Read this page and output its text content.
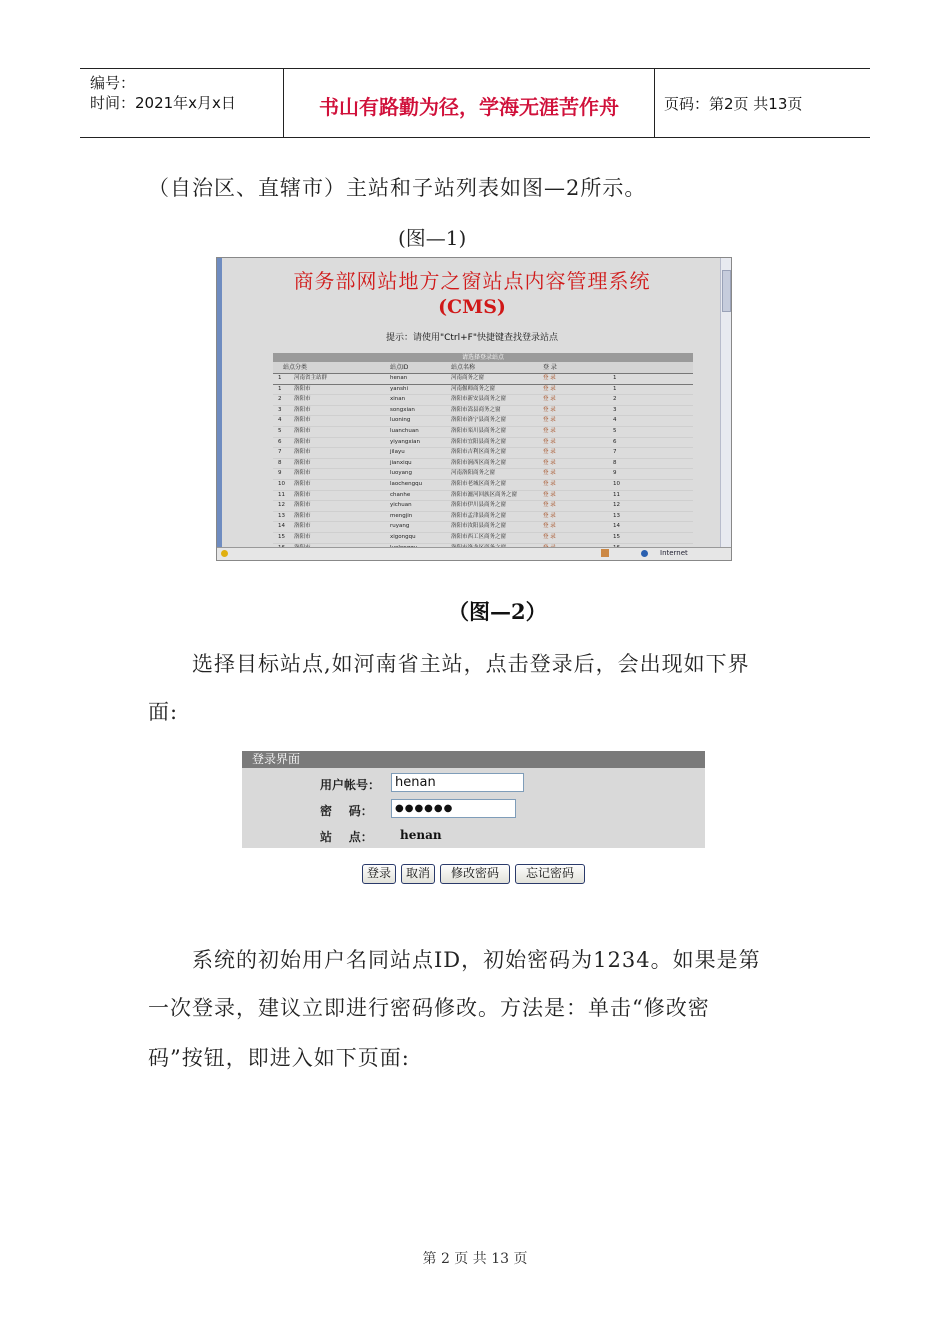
编号：
时间：2021年x月x日	书山有路勤为径，学海无涯苦作舟	页码：第2页 共13页
（自治区、直辖市）主站和子站列表如图—2所示。
(图—1)
商务部网站地方之窗站点内容管理系统
(CMS)
提示：请使用"Ctrl+F"快捷键查找登录站点
请选择登录站点
站点分类	站点ID	站点名称	登 录
1 河南省主站群	henan	河南商务之窗	登 录	1
1 洛阳市	yanshi	河南偃师商务之窗	登 录	1
2 洛阳市	xinan	洛阳市新安县商务之窗	登 录	2
3 洛阳市	songxian	洛阳市嵩县商务之窗	登 录	3
4 洛阳市	luoning	洛阳市洛宁县商务之窗	登 录	4
5 洛阳市	luanchuan	洛阳市栾川县商务之窗	登 录	5
6 洛阳市	yiyangxian	洛阳市宜阳县商务之窗	登 录	6
7 洛阳市	jilayu	洛阳市吉利区商务之窗	登 录	7
8 洛阳市	jianxiqu	洛阳市涧西区商务之窗	登 录	8
9 洛阳市	luoyang	河南洛阳商务之窗	登 录	9
10 洛阳市	laochengqu	洛阳市老城区商务之窗	登 录	10
11 洛阳市	chanhe	洛阳市瀍河回族区商务之窗	登 录	11
12 洛阳市	yichuan	洛阳市伊川县商务之窗	登 录	12
13 洛阳市	mengjin	洛阳市孟津县商务之窗	登 录	13
14 洛阳市	ruyang	洛阳市汝阳县商务之窗	登 录	14
15 洛阳市	xigongqu	洛阳市西工区商务之窗	登 录	15
Internet
（图—2）
选择目标站点,如河南省主站，点击登录后，会出现如下界
面:
登录界面
用户帐号：	henan
密    码：	●●●●●●
站    点： henan
登录	取消	修改密码	忘记密码
系统的初始用户名同站点ID，初始密码为1234。如果是第
一次登录，建议立即进行密码修改。方法是：单击“修改密
码”按钮，即进入如下页面:
第 2 页 共 13 页
